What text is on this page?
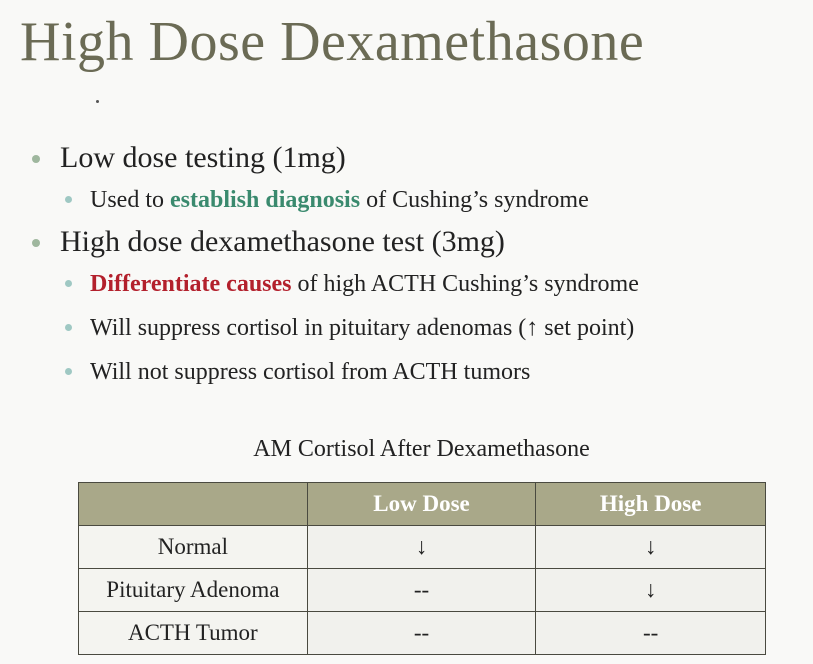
High Dose Dexamethasone
Low dose testing (1mg)
Used to establish diagnosis of Cushing’s syndrome
High dose dexamethasone test (3mg)
Differentiate causes of high ACTH Cushing’s syndrome
Will suppress cortisol in pituitary adenomas (↑ set point)
Will not suppress cortisol from ACTH tumors
AM Cortisol After Dexamethasone
	Low Dose	High Dose
Normal	↓	↓
Pituitary Adenoma	--	↓
ACTH Tumor	--	--
